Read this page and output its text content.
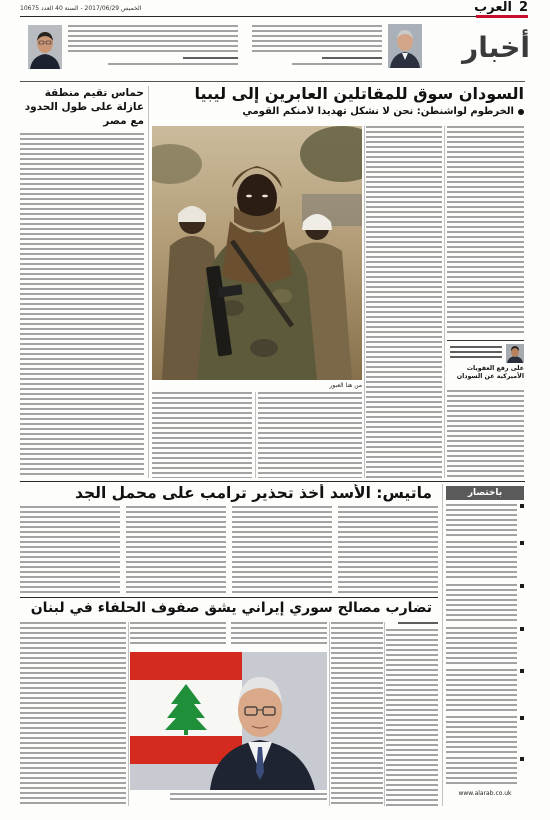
2
العرب
الخميس 2017/06/29 - السنة 40 العدد 10675
أخبار
حماس تقيم منطقة عازلة على طول الحدود مع مصر
السودان سوق للمقاتلين العابرين إلى ليبيا
الخرطوم لواشنطن: نحن لا نشكل تهديدا لأمنكم القومي
من هنا العبور
على رفع العقوبات الأميركية عن السودان
باختصار
www.alarab.co.uk
ماتيس: الأسد أخذ تحذير ترامب على محمل الجد
تضارب مصالح سوري إيراني يشق صفوف الحلفاء في لبنان
